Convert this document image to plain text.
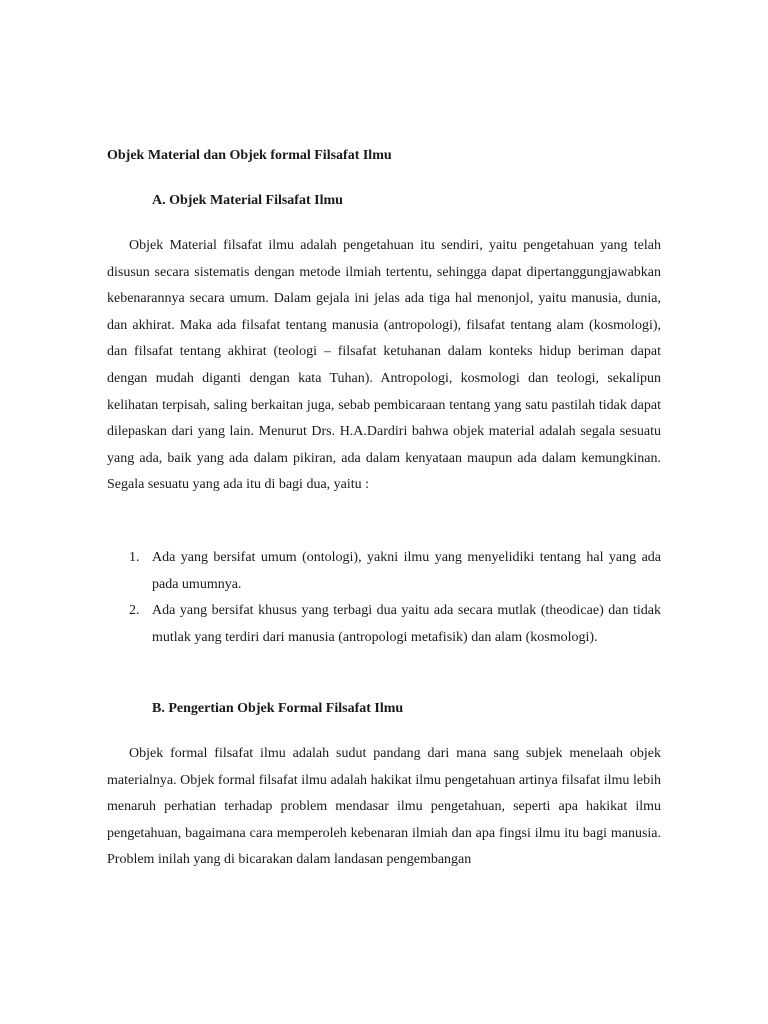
Objek Material dan Objek formal Filsafat Ilmu
A. Objek Material Filsafat Ilmu

Objek Material filsafat ilmu adalah pengetahuan itu sendiri, yaitu pengetahuan yang telah disusun secara sistematis dengan metode ilmiah tertentu, sehingga dapat dipertanggungjawabkan kebenarannya secara umum. Dalam gejala ini jelas ada tiga hal menonjol, yaitu manusia, dunia, dan akhirat. Maka ada filsafat tentang manusia (antropologi), filsafat tentang alam (kosmologi), dan filsafat tentang akhirat (teologi – filsafat ketuhanan dalam konteks hidup beriman dapat dengan mudah diganti dengan kata Tuhan). Antropologi, kosmologi dan teologi, sekalipun kelihatan terpisah, saling berkaitan juga, sebab pembicaraan tentang yang satu pastilah tidak dapat dilepaskan dari yang lain. Menurut Drs. H.A.Dardiri bahwa objek material adalah segala sesuatu yang ada, baik yang ada dalam pikiran, ada dalam kenyataan maupun ada dalam kemungkinan. Segala sesuatu yang ada itu di bagi dua, yaitu :

1. Ada yang bersifat umum (ontologi), yakni ilmu yang menyelidiki tentang hal yang ada pada umumnya.
2. Ada yang bersifat khusus yang terbagi dua yaitu ada secara mutlak (theodicae) dan tidak mutlak yang terdiri dari manusia (antropologi metafisik) dan alam (kosmologi).
B. Pengertian Objek Formal Filsafat Ilmu

Objek formal filsafat ilmu adalah sudut pandang dari mana sang subjek menelaah objek materialnya. Objek formal filsafat ilmu adalah hakikat ilmu pengetahuan artinya filsafat ilmu lebih menaruh perhatian terhadap problem mendasar ilmu pengetahuan, seperti apa hakikat ilmu pengetahuan, bagaimana cara memperoleh kebenaran ilmiah dan apa fingsi ilmu itu bagi manusia. Problem inilah yang di bicarakan dalam landasan pengembangan
